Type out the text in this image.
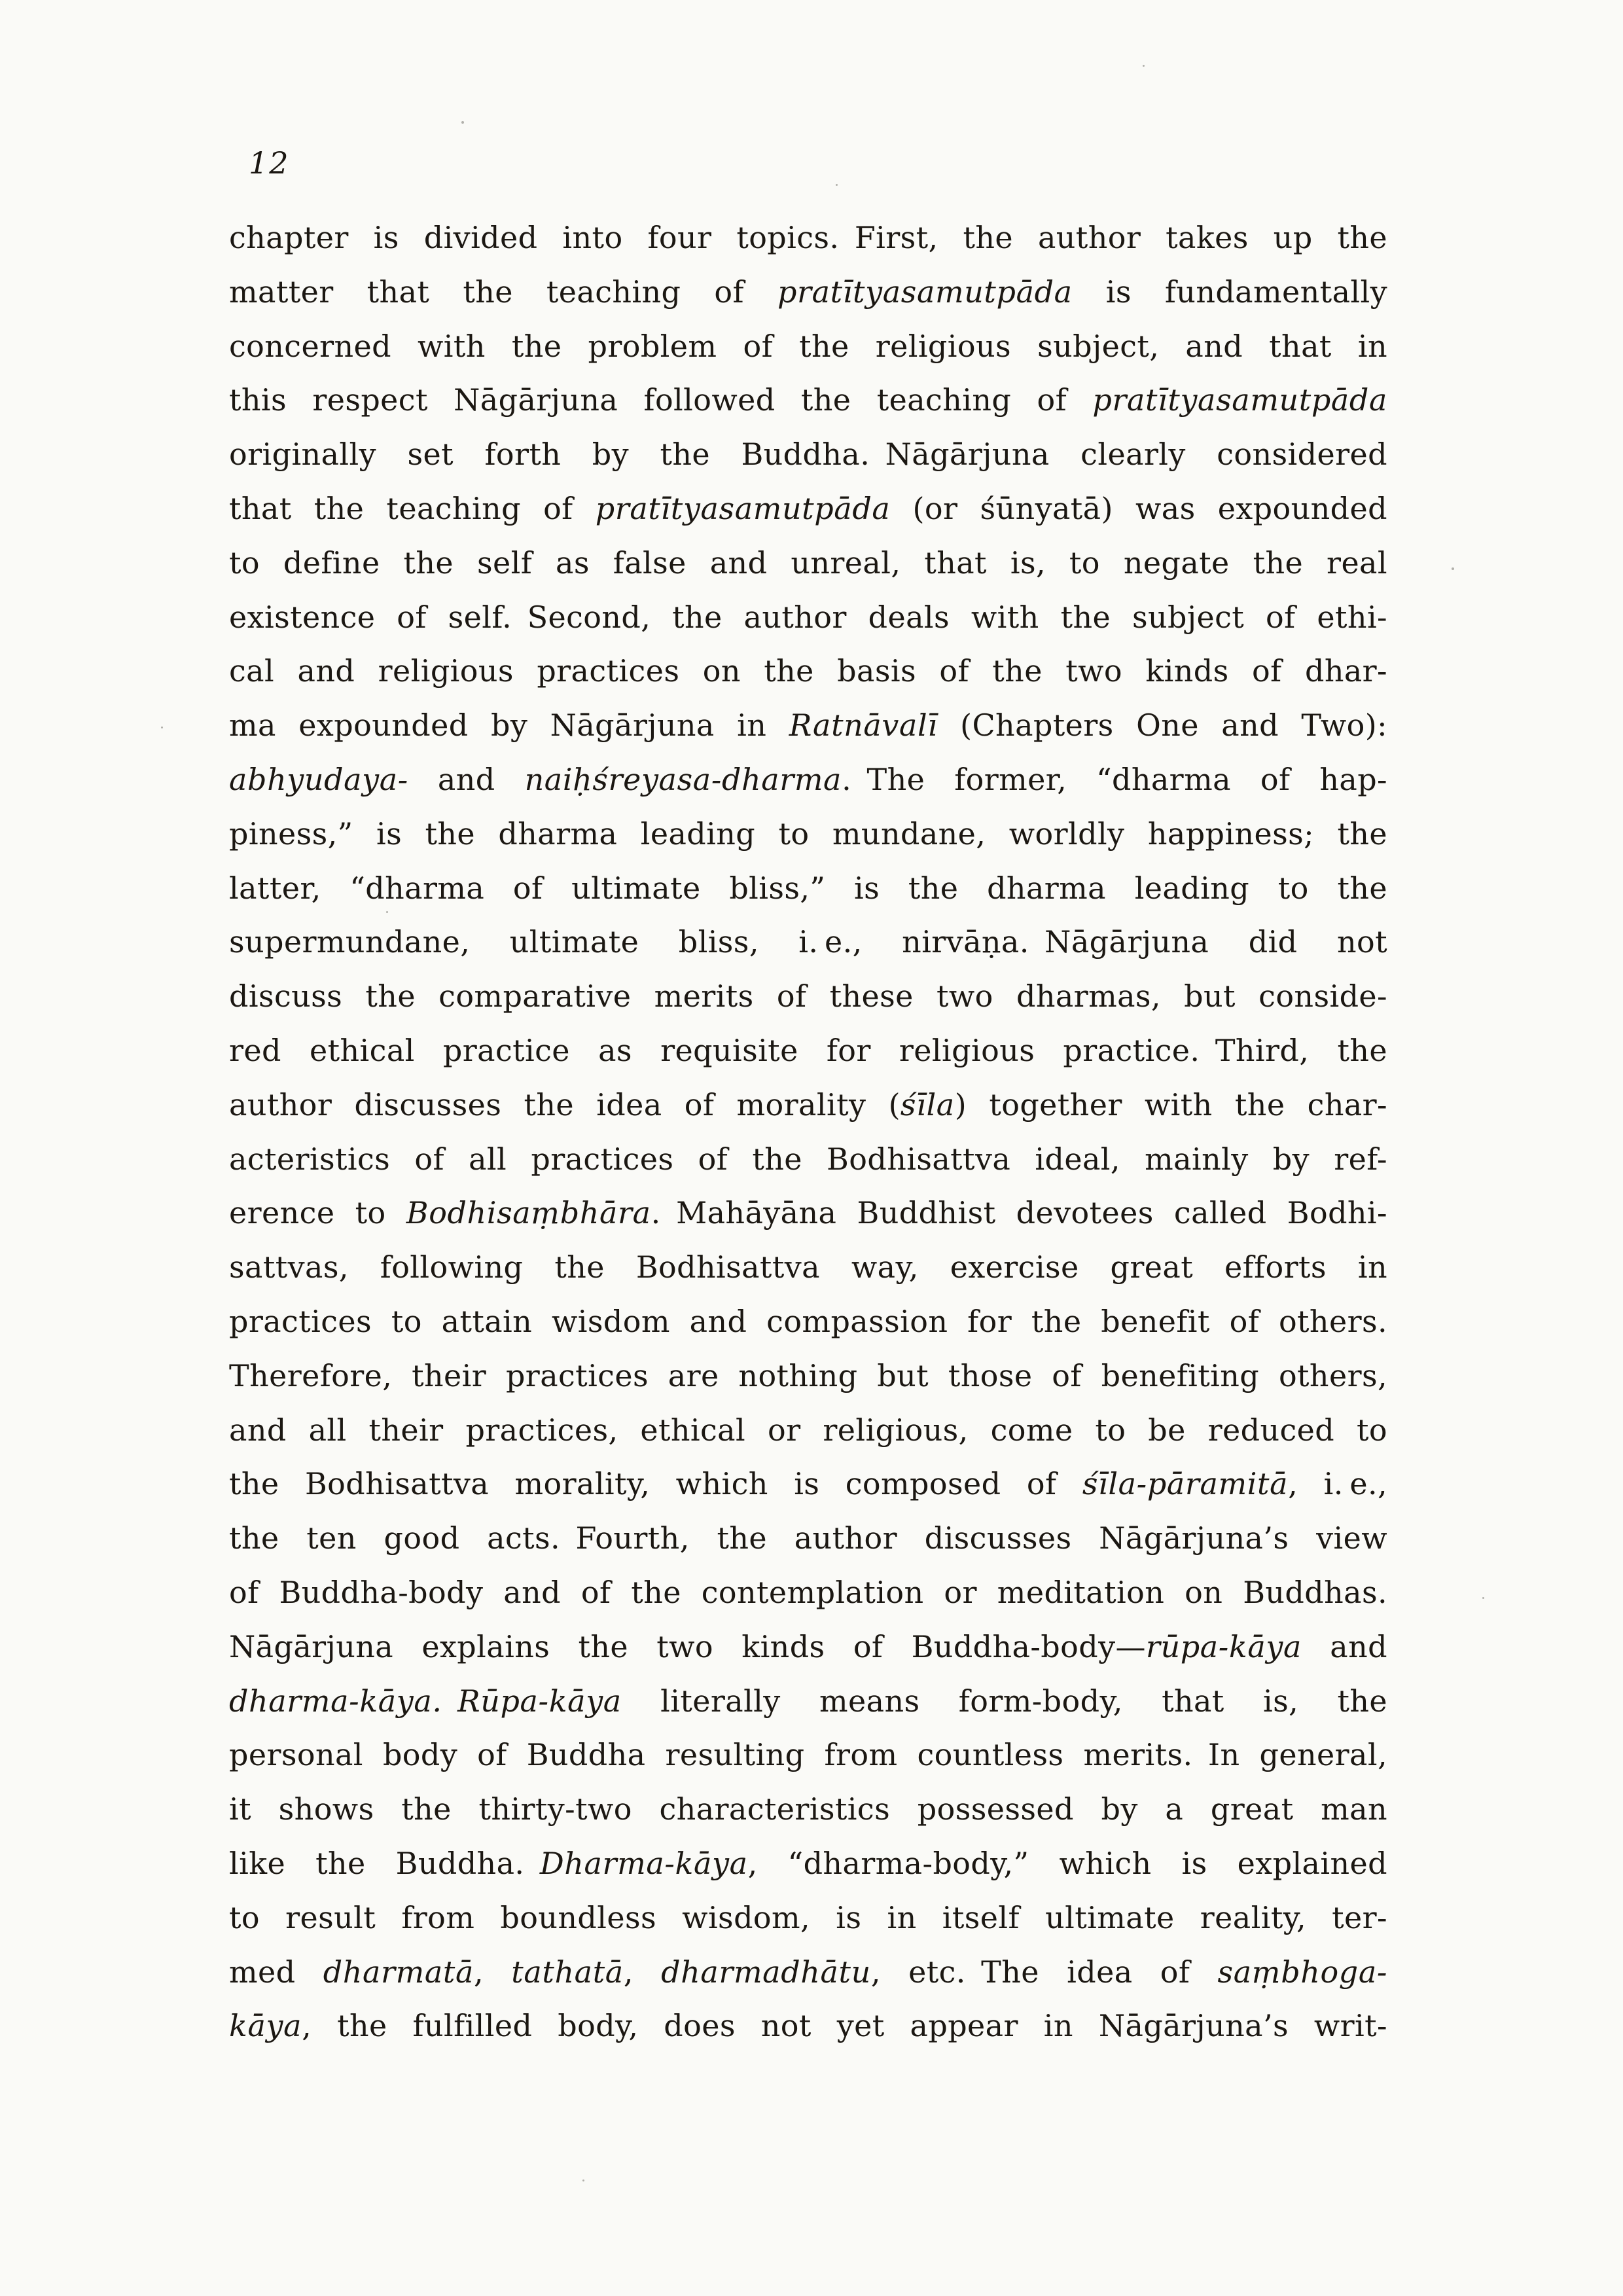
12
chapter is divided into four topics. First, the author takes up the
matter that the teaching of pratītyasamutpāda is fundamentally
concerned with the problem of the religious subject, and that in
this respect Nāgārjuna followed the teaching of pratītyasamutpāda
originally set forth by the Buddha. Nāgārjuna clearly considered
that the teaching of pratītyasamutpāda (or śūnyatā) was expounded
to define the self as false and unreal, that is, to negate the real
existence of self. Second, the author deals with the subject of ethi-
cal and religious practices on the basis of the two kinds of dhar-
ma expounded by Nāgārjuna in Ratnāvalī (Chapters One and Two):
abhyudaya- and naiḥśreyasa-dharma. The former, “dharma of hap-
piness,” is the dharma leading to mundane, worldly happiness; the
latter, “dharma of ultimate bliss,” is the dharma leading to the
supermundane, ultimate bliss, i. e., nirvāṇa. Nāgārjuna did not
discuss the comparative merits of these two dharmas, but conside-
red ethical practice as requisite for religious practice. Third, the
author discusses the idea of morality (śīla) together with the char-
acteristics of all practices of the Bodhisattva ideal, mainly by ref-
erence to Bodhisaṃbhāra. Mahāyāna Buddhist devotees called Bodhi-
sattvas, following the Bodhisattva way, exercise great efforts in
practices to attain wisdom and compassion for the benefit of others.
Therefore, their practices are nothing but those of benefiting others,
and all their practices, ethical or religious, come to be reduced to
the Bodhisattva morality, which is composed of śīla-pāramitā, i. e.,
the ten good acts. Fourth, the author discusses Nāgārjuna’s view
of Buddha-body and of the contemplation or meditation on Buddhas.
Nāgārjuna explains the two kinds of Buddha-body—rūpa-kāya and
dharma-kāya.  Rūpa-kāya literally means form-body, that is, the
personal body of Buddha resulting from countless merits. In general,
it shows the thirty-two characteristics possessed by a great man
like the Buddha. Dharma-kāya, “dharma-body,” which is explained
to result from boundless wisdom, is in itself ultimate reality, ter-
med dharmatā, tathatā, dharmadhātu, etc. The idea of saṃbhoga-
kāya, the fulfilled body, does not yet appear in Nāgārjuna’s writ-
